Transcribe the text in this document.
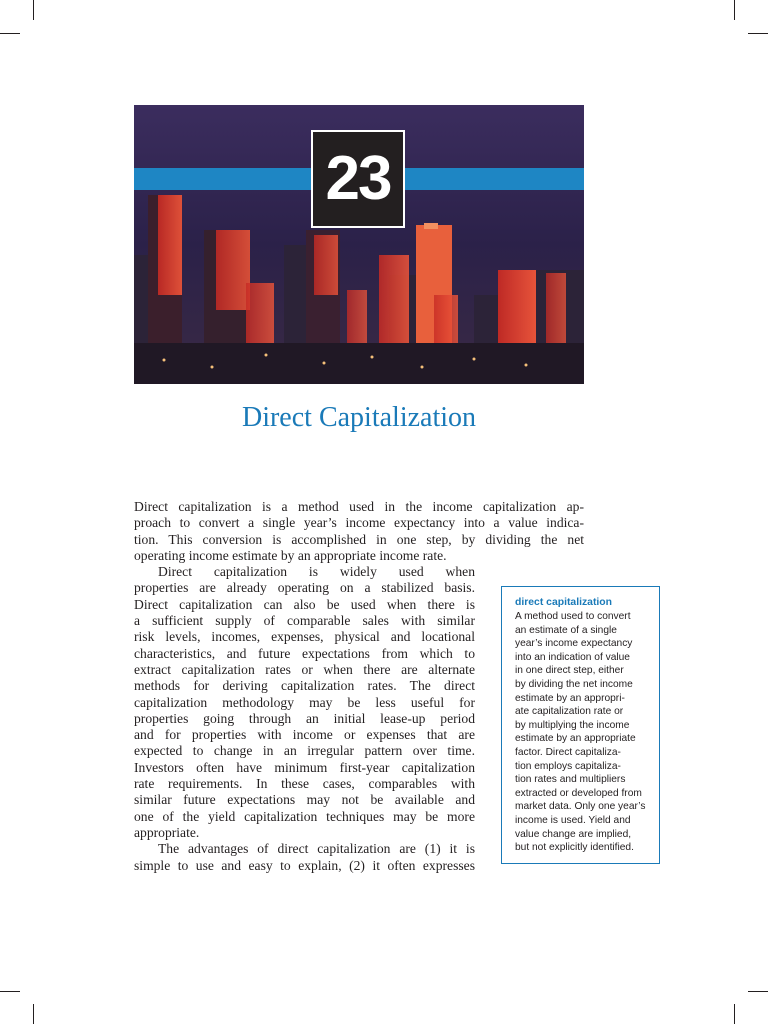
23
Direct Capitalization
Direct capitalization is a method used in the income capitalization ap-
proach to convert a single year’s income expectancy into a value indica-
tion. This conversion is accomplished in one step, by dividing the net
operating income estimate by an appropriate income rate.
Direct capitalization is widely used when
properties are already operating on a stabilized basis.
Direct capitalization can also be used when there is
a sufficient supply of comparable sales with similar
risk levels, incomes, expenses, physical and locational
characteristics, and future expectations from which to
extract capitalization rates or when there are alternate
methods for deriving capitalization rates. The direct
capitalization methodology may be less useful for
properties going through an initial lease-up period
and for properties with income or expenses that are
expected to change in an irregular pattern over time.
Investors often have minimum first-year capitalization
rate requirements. In these cases, comparables with
similar future expectations may not be available and
one of the yield capitalization techniques may be more
appropriate.
The advantages of direct capitalization are (1) it is
simple to use and easy to explain, (2) it often expresses
direct capitalization
A method used to convert
an estimate of a single
year’s income expectancy
into an indication of value
in one direct step, either
by dividing the net income
estimate by an appropri-
ate capitalization rate or
by multiplying the income
estimate by an appropriate
factor. Direct capitaliza-
tion employs capitaliza-
tion rates and multipliers
extracted or developed from
market data. Only one year’s
income is used. Yield and
value change are implied,
but not explicitly identified.
